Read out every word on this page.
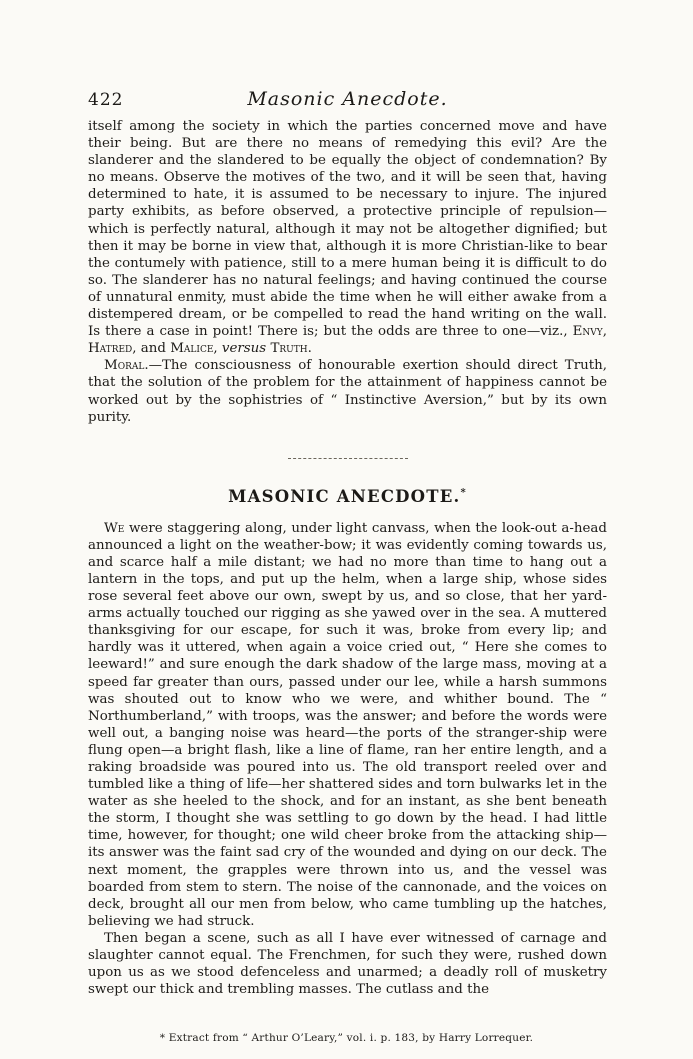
422	Masonic Anecdote.

itself among the society in which the parties concerned move and have their being. But are there no means of remedying this evil? Are the slanderer and the slandered to be equally the object of condemnation? By no means. Observe the motives of the two, and it will be seen that, having determined to hate, it is assumed to be necessary to injure. The injured party exhibits, as before observed, a protective principle of repulsion—which is perfectly natural, although it may not be altogether dignified; but then it may be borne in view that, although it is more Christian-like to bear the contumely with patience, still to a mere human being it is difficult to do so. The slanderer has no natural feelings; and having continued the course of unnatural enmity, must abide the time when he will either awake from a distempered dream, or be compelled to read the hand writing on the wall. Is there a case in point! There is; but the odds are three to one—viz., Envy, Hatred, and Malice, versus Truth.

Moral.—The consciousness of honourable exertion should direct Truth, that the solution of the problem for the attainment of happiness cannot be worked out by the sophistries of “ Instinctive Aversion,” but by its own purity.

MASONIC ANECDOTE.*

We were staggering along, under light canvass, when the look-out a-head announced a light on the weather-bow; it was evidently coming towards us, and scarce half a mile distant; we had no more than time to hang out a lantern in the tops, and put up the helm, when a large ship, whose sides rose several feet above our own, swept by us, and so close, that her yard-arms actually touched our rigging as she yawed over in the sea. A muttered thanksgiving for our escape, for such it was, broke from every lip; and hardly was it uttered, when again a voice cried out, “ Here she comes to leeward!” and sure enough the dark shadow of the large mass, moving at a speed far greater than ours, passed under our lee, while a harsh summons was shouted out to know who we were, and whither bound. The “ Northumberland,” with troops, was the answer; and before the words were well out, a banging noise was heard—the ports of the stranger-ship were flung open—a bright flash, like a line of flame, ran her entire length, and a raking broadside was poured into us. The old transport reeled over and tumbled like a thing of life—her shattered sides and torn bulwarks let in the water as she heeled to the shock, and for an instant, as she bent beneath the storm, I thought she was settling to go down by the head. I had little time, however, for thought; one wild cheer broke from the attacking ship—its answer was the faint sad cry of the wounded and dying on our deck. The next moment, the grapples were thrown into us, and the vessel was boarded from stem to stern. The noise of the cannonade, and the voices on deck, brought all our men from below, who came tumbling up the hatches, believing we had struck.

Then began a scene, such as all I have ever witnessed of carnage and slaughter cannot equal. The Frenchmen, for such they were, rushed down upon us as we stood defenceless and unarmed; a deadly roll of musketry swept our thick and trembling masses. The cutlass and the

* Extract from “ Arthur O’Leary,” vol. i. p. 183, by Harry Lorrequer.
